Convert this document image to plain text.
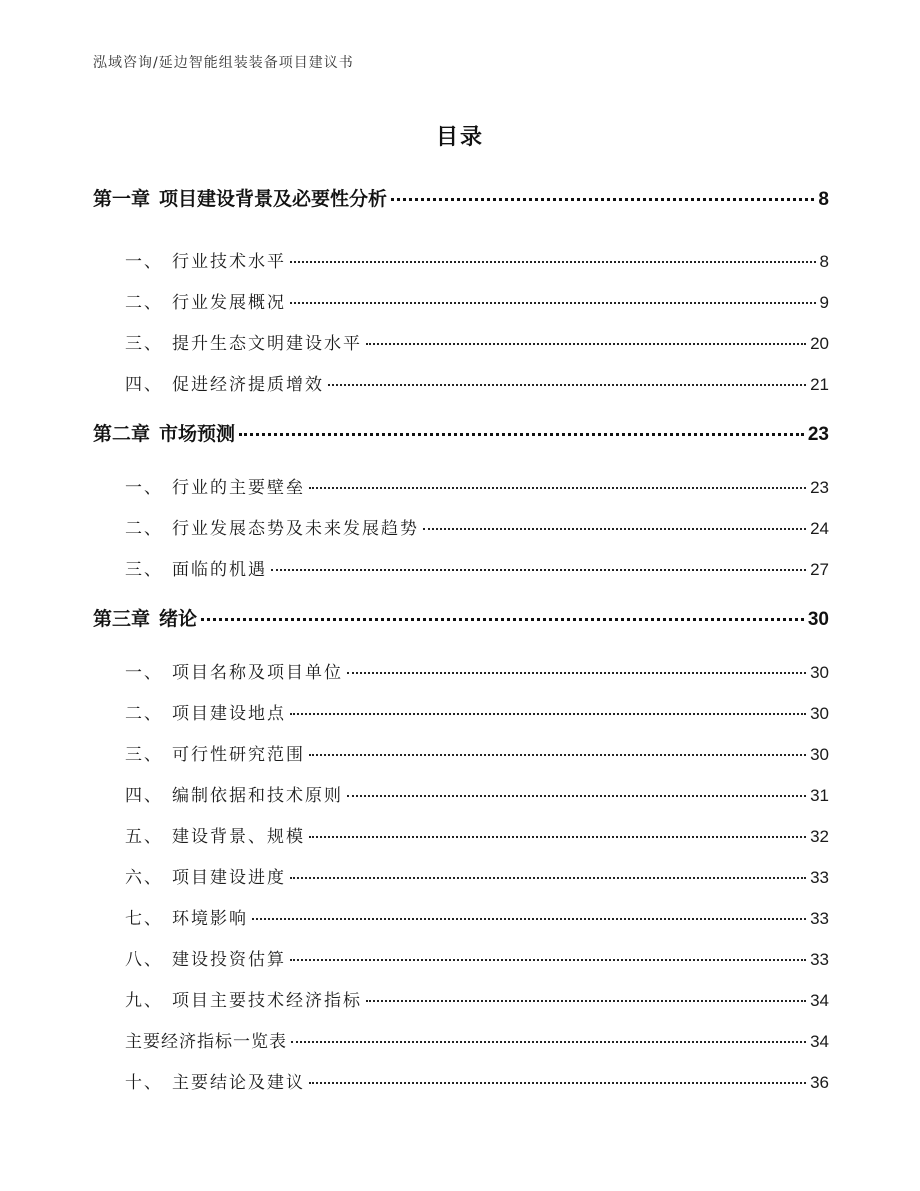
泓域咨询/延边智能组装装备项目建议书
目录
第一章 项目建设背景及必要性分析	8
一、 行业技术水平	8
二、 行业发展概况	9
三、 提升生态文明建设水平	20
四、 促进经济提质增效	21
第二章 市场预测	23
一、 行业的主要壁垒	23
二、 行业发展态势及未来发展趋势	24
三、 面临的机遇	27
第三章 绪论	30
一、 项目名称及项目单位	30
二、 项目建设地点	30
三、 可行性研究范围	30
四、 编制依据和技术原则	31
五、 建设背景、规模	32
六、 项目建设进度	33
七、 环境影响	33
八、 建设投资估算	33
九、 项目主要技术经济指标	34
主要经济指标一览表	34
十、 主要结论及建议	36
